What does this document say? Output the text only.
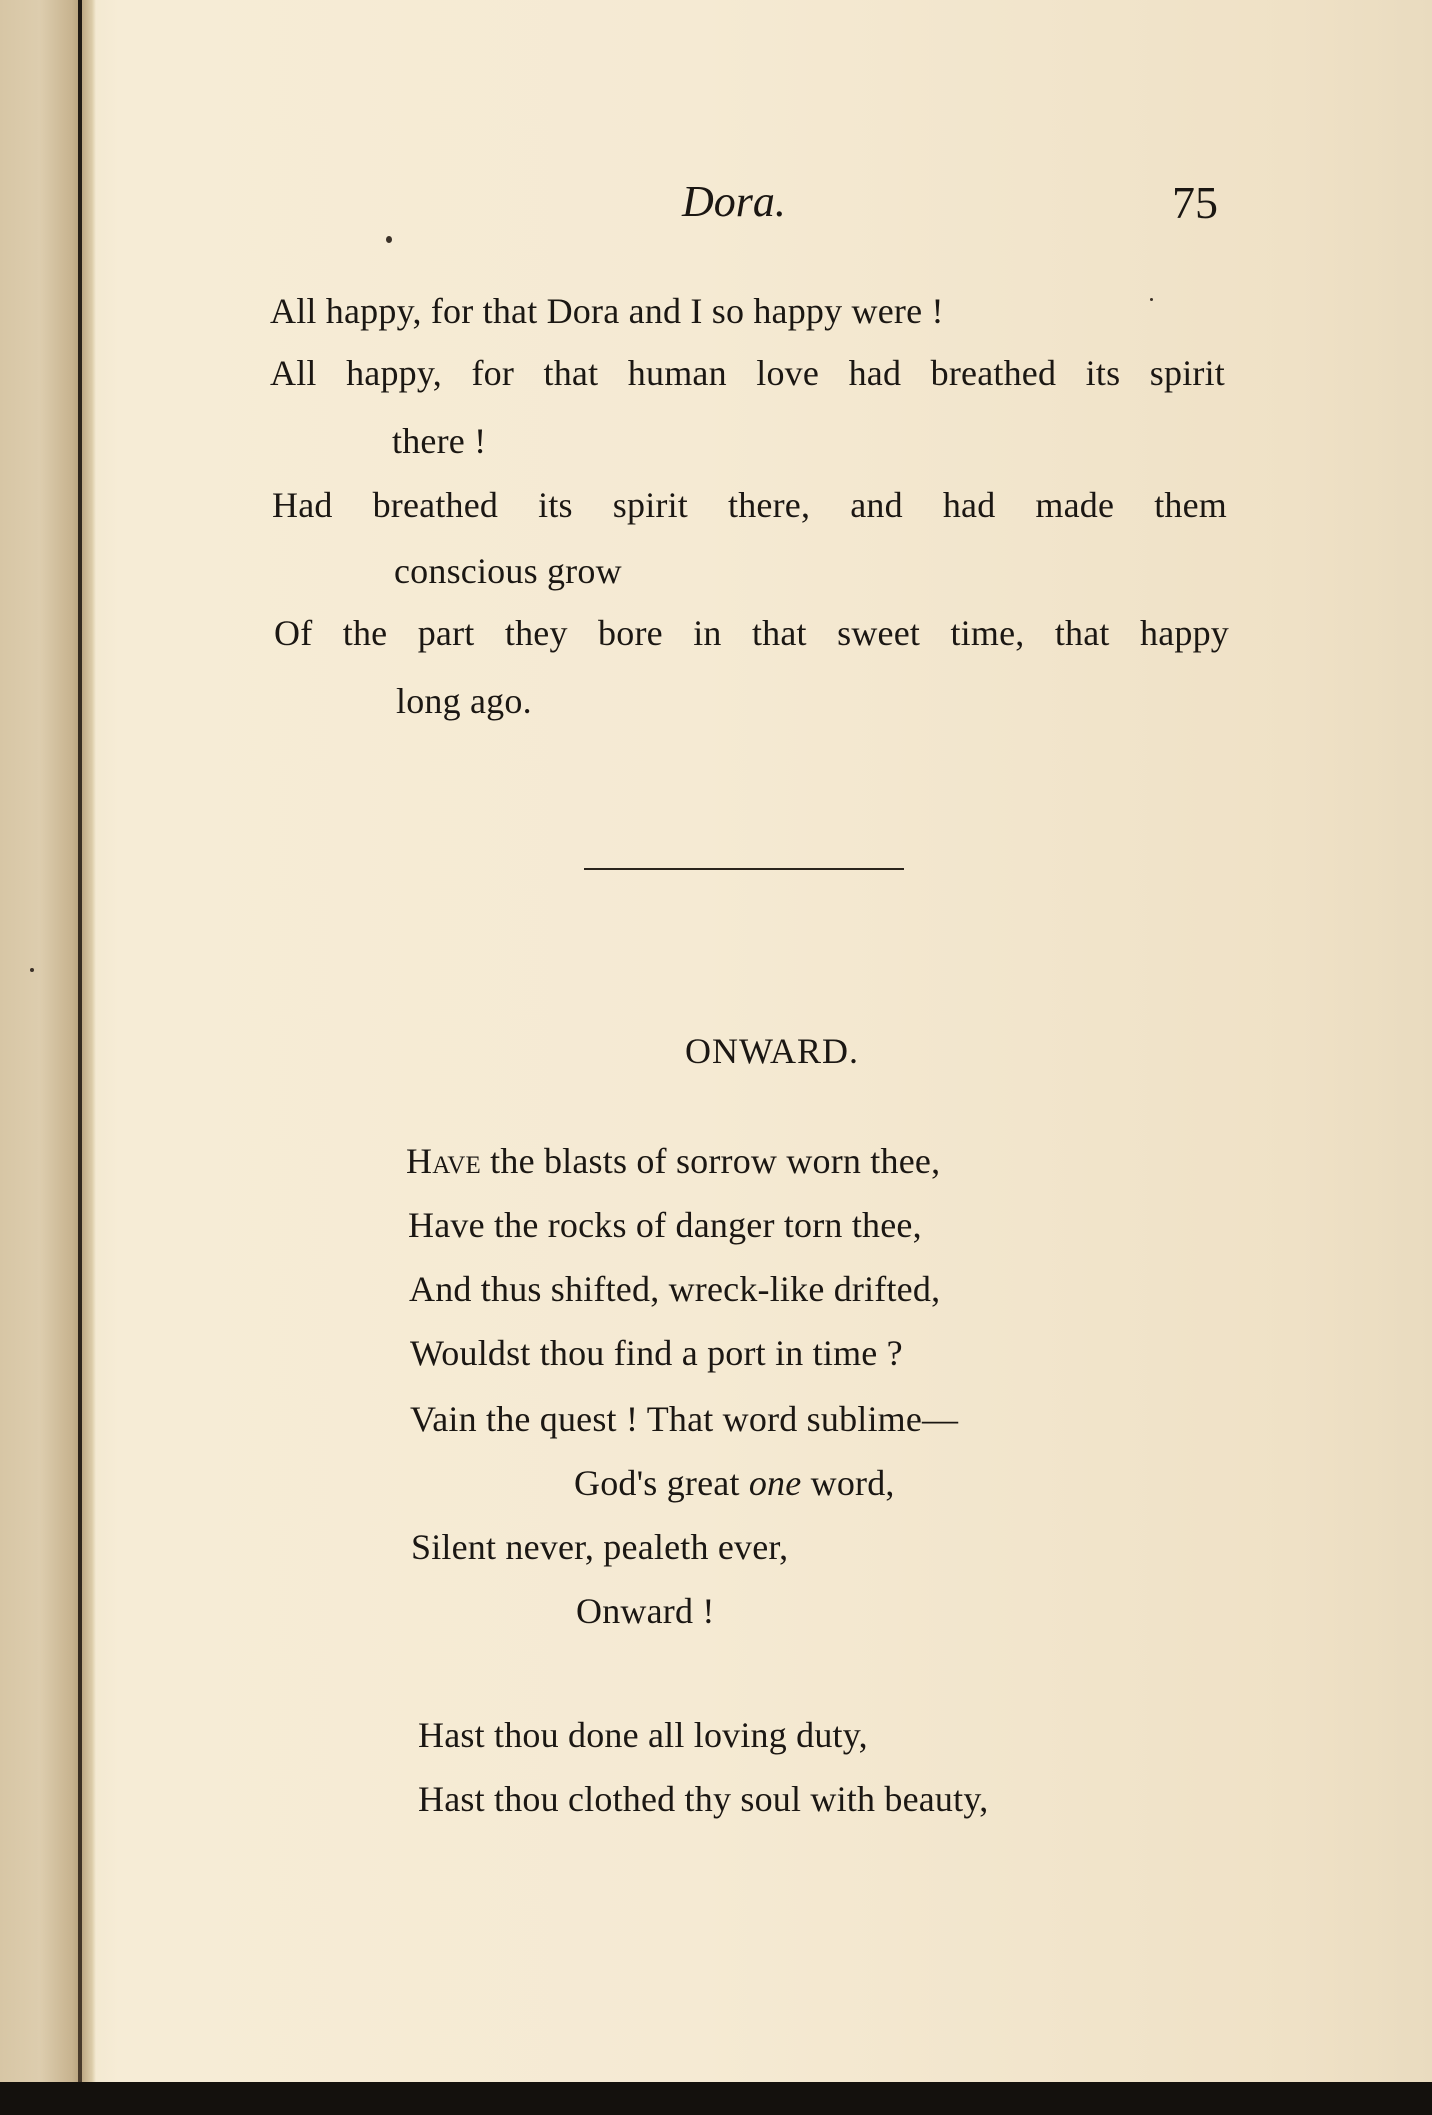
Dora.	75

All happy, for that Dora and I so happy were !

All happy, for that human love had breathed its spirit

there !

Had breathed its spirit there, and had made them

conscious grow

Of the part they bore in that sweet time, that happy

long ago.

ONWARD.

Have the blasts of sorrow worn thee,

Have the rocks of danger torn thee,

And thus shifted, wreck-like drifted,

Wouldst thou find a port in time ?

Vain the quest ! That word sublime—

God's great one word,

Silent never, pealeth ever,

Onward !

Hast thou done all loving duty,

Hast thou clothed thy soul with beauty,
